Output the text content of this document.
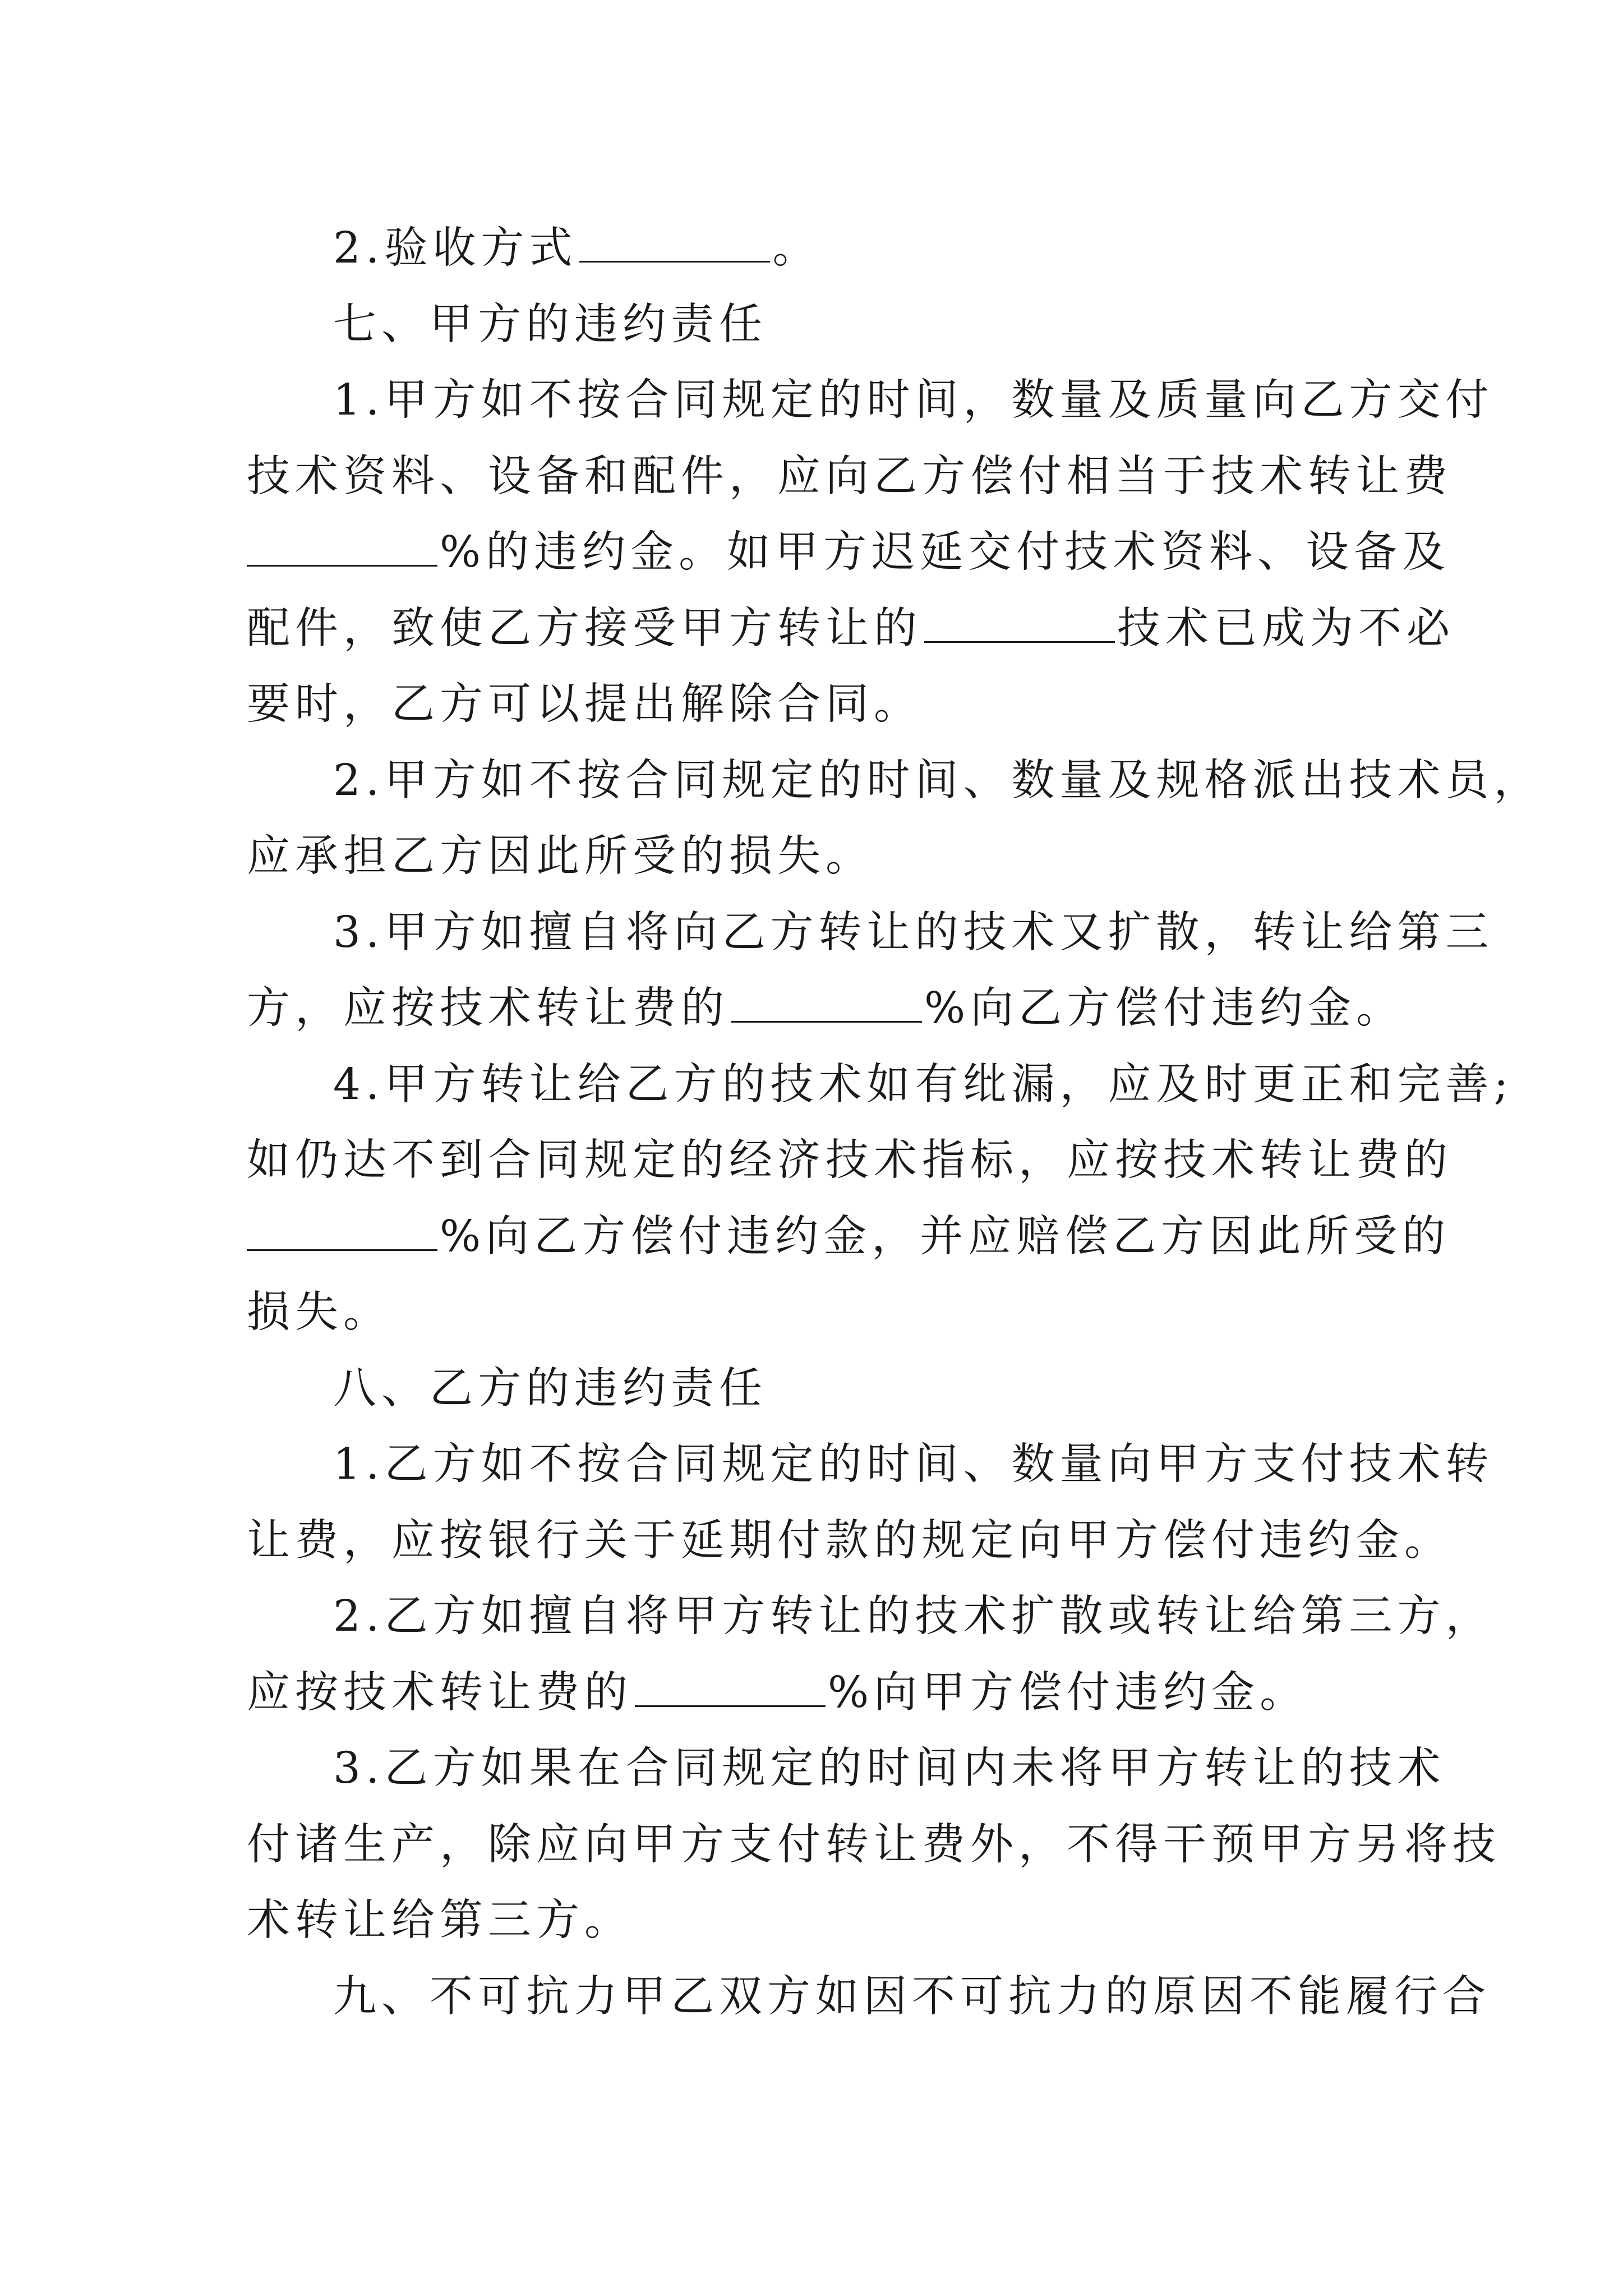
2.验收方式	。
七、甲方的违约责任
1.甲方如不按合同规定的时间，数量及质量向乙方交付
技术资料、设备和配件，应向乙方偿付相当于技术转让费
%的违约金。如甲方迟延交付技术资料、设备及
配件，致使乙方接受甲方转让的	技术已成为不必
要时，乙方可以提出解除合同。
2.甲方如不按合同规定的时间、数量及规格派出技术员，
应承担乙方因此所受的损失。
3.甲方如擅自将向乙方转让的技术又扩散，转让给第三
方，应按技术转让费的	%向乙方偿付违约金。
4.甲方转让给乙方的技术如有纰漏，应及时更正和完善;
如仍达不到合同规定的经济技术指标，应按技术转让费的
%向乙方偿付违约金，并应赔偿乙方因此所受的
损失。
八、乙方的违约责任
1.乙方如不按合同规定的时间、数量向甲方支付技术转
让费，应按银行关于延期付款的规定向甲方偿付违约金。
2.乙方如擅自将甲方转让的技术扩散或转让给第三方，
应按技术转让费的	%向甲方偿付违约金。
3.乙方如果在合同规定的时间内未将甲方转让的技术
付诸生产，除应向甲方支付转让费外，不得干预甲方另将技
术转让给第三方。
九、不可抗力甲乙双方如因不可抗力的原因不能履行合
